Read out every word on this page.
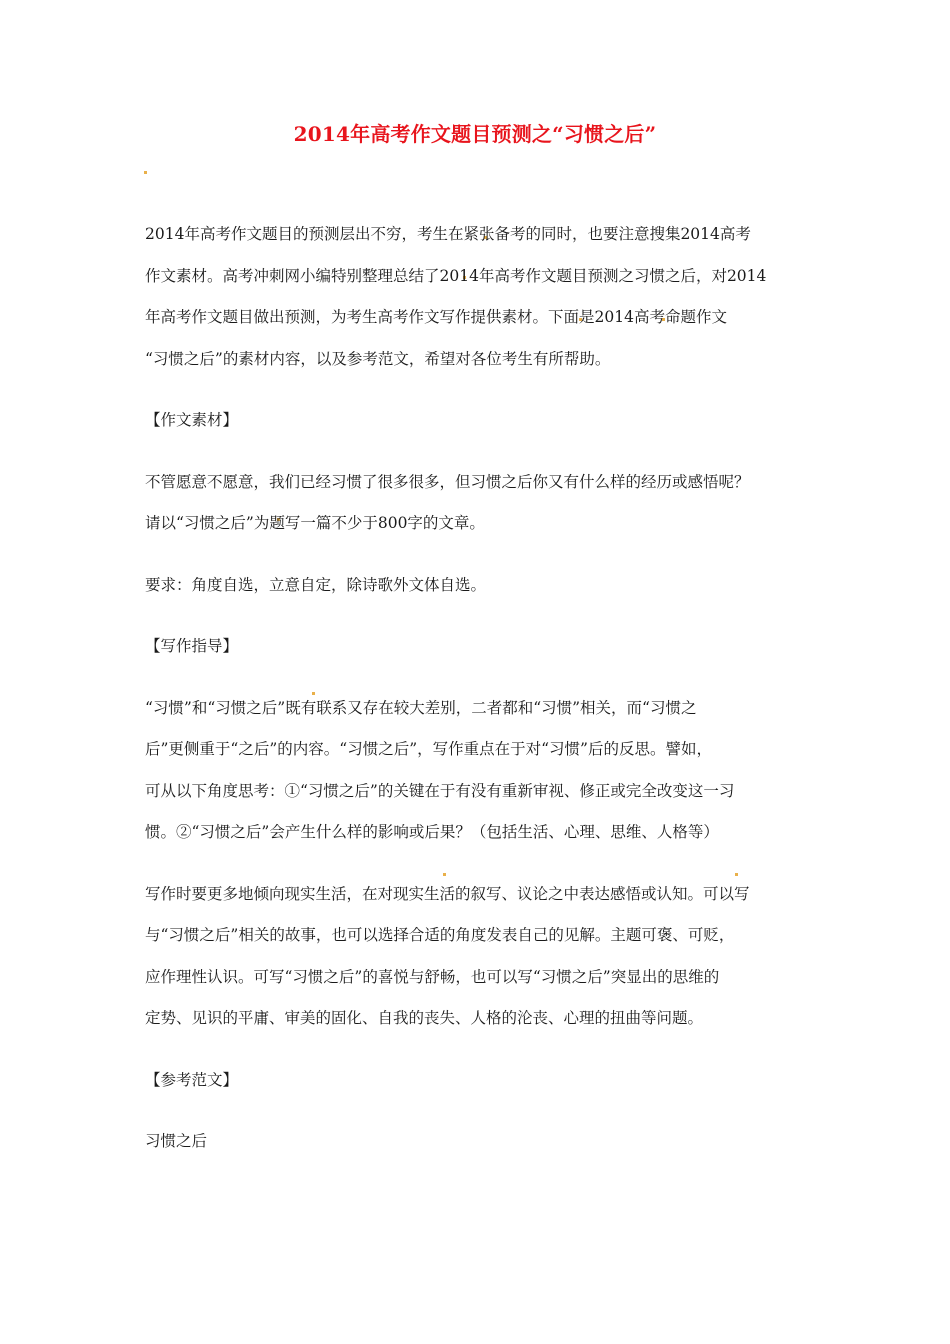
2014年高考作文题目预测之“习惯之后”
2014年高考作文题目的预测层出不穷，考生在紧张备考的同时，也要注意搜集2014高考
作文素材。高考冲刺网小编特别整理总结了2014年高考作文题目预测之习惯之后，对2014
年高考作文题目做出预测，为考生高考作文写作提供素材。下面是2014高考命题作文
“习惯之后”的素材内容，以及参考范文，希望对各位考生有所帮助。
【作文素材】
不管愿意不愿意，我们已经习惯了很多很多，但习惯之后你又有什么样的经历或感悟呢？
请以“习惯之后”为题写一篇不少于800字的文章。
要求：角度自选，立意自定，除诗歌外文体自选。
【写作指导】
“习惯”和“习惯之后”既有联系又存在较大差别，二者都和“习惯”相关，而“习惯之
后”更侧重于“之后”的内容。“习惯之后”，写作重点在于对“习惯”后的反思。譬如，
可从以下角度思考：①“习惯之后”的关键在于有没有重新审视、修正或完全改变这一习
惯。②“习惯之后”会产生什么样的影响或后果？（包括生活、心理、思维、人格等）
写作时要更多地倾向现实生活，在对现实生活的叙写、议论之中表达感悟或认知。可以写
与“习惯之后”相关的故事，也可以选择合适的角度发表自己的见解。主题可褒、可贬，
应作理性认识。可写“习惯之后”的喜悦与舒畅，也可以写“习惯之后”突显出的思维的
定势、见识的平庸、审美的固化、自我的丧失、人格的沦丧、心理的扭曲等问题。
【参考范文】
习惯之后
